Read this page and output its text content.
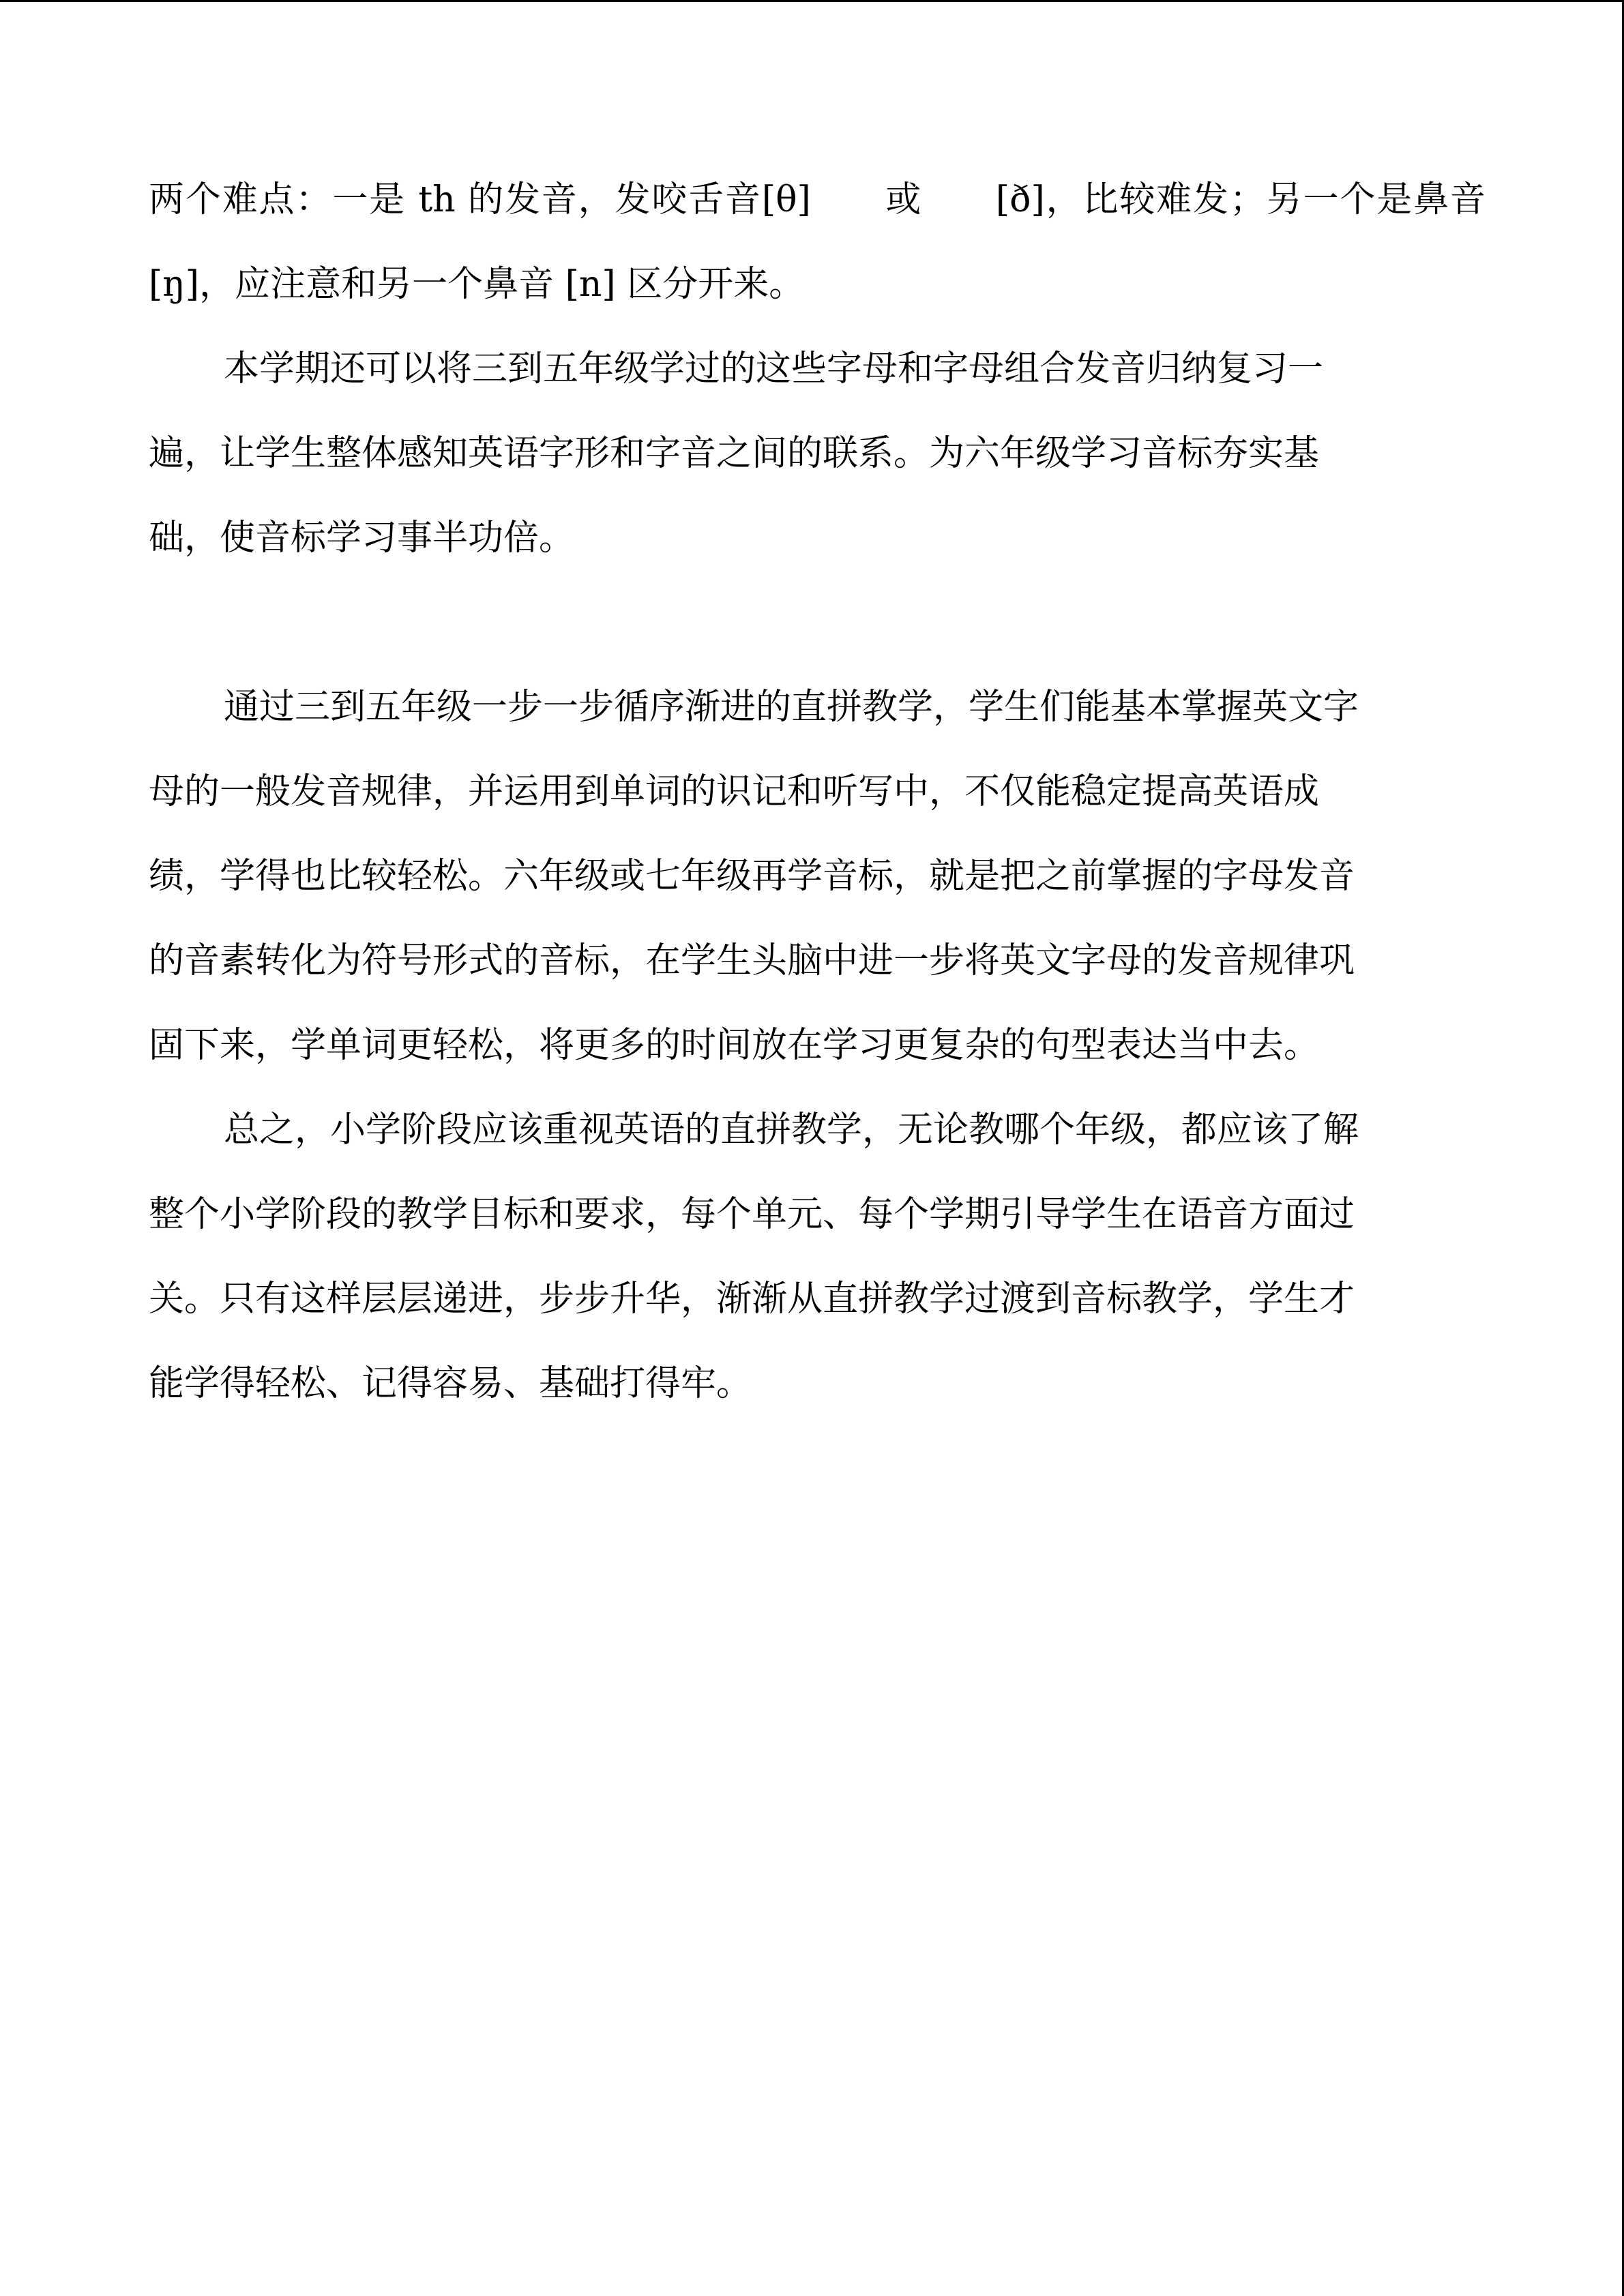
两个难点：一是 th 的发音，发咬舌音[θ]　　或　　[ð]，比较难发；另一个是鼻音
[ŋ]，应注意和另一个鼻音 [n] 区分开来。
本学期还可以将三到五年级学过的这些字母和字母组合发音归纳复习一
遍，让学生整体感知英语字形和字音之间的联系。为六年级学习音标夯实基
础，使音标学习事半功倍。
通过三到五年级一步一步循序渐进的直拼教学，学生们能基本掌握英文字
母的一般发音规律，并运用到单词的识记和听写中，不仅能稳定提高英语成
绩，学得也比较轻松。六年级或七年级再学音标，就是把之前掌握的字母发音
的音素转化为符号形式的音标，在学生头脑中进一步将英文字母的发音规律巩
固下来，学单词更轻松，将更多的时间放在学习更复杂的句型表达当中去。
总之，小学阶段应该重视英语的直拼教学，无论教哪个年级，都应该了解
整个小学阶段的教学目标和要求，每个单元、每个学期引导学生在语音方面过
关。只有这样层层递进，步步升华，渐渐从直拼教学过渡到音标教学，学生才
能学得轻松、记得容易、基础打得牢。
